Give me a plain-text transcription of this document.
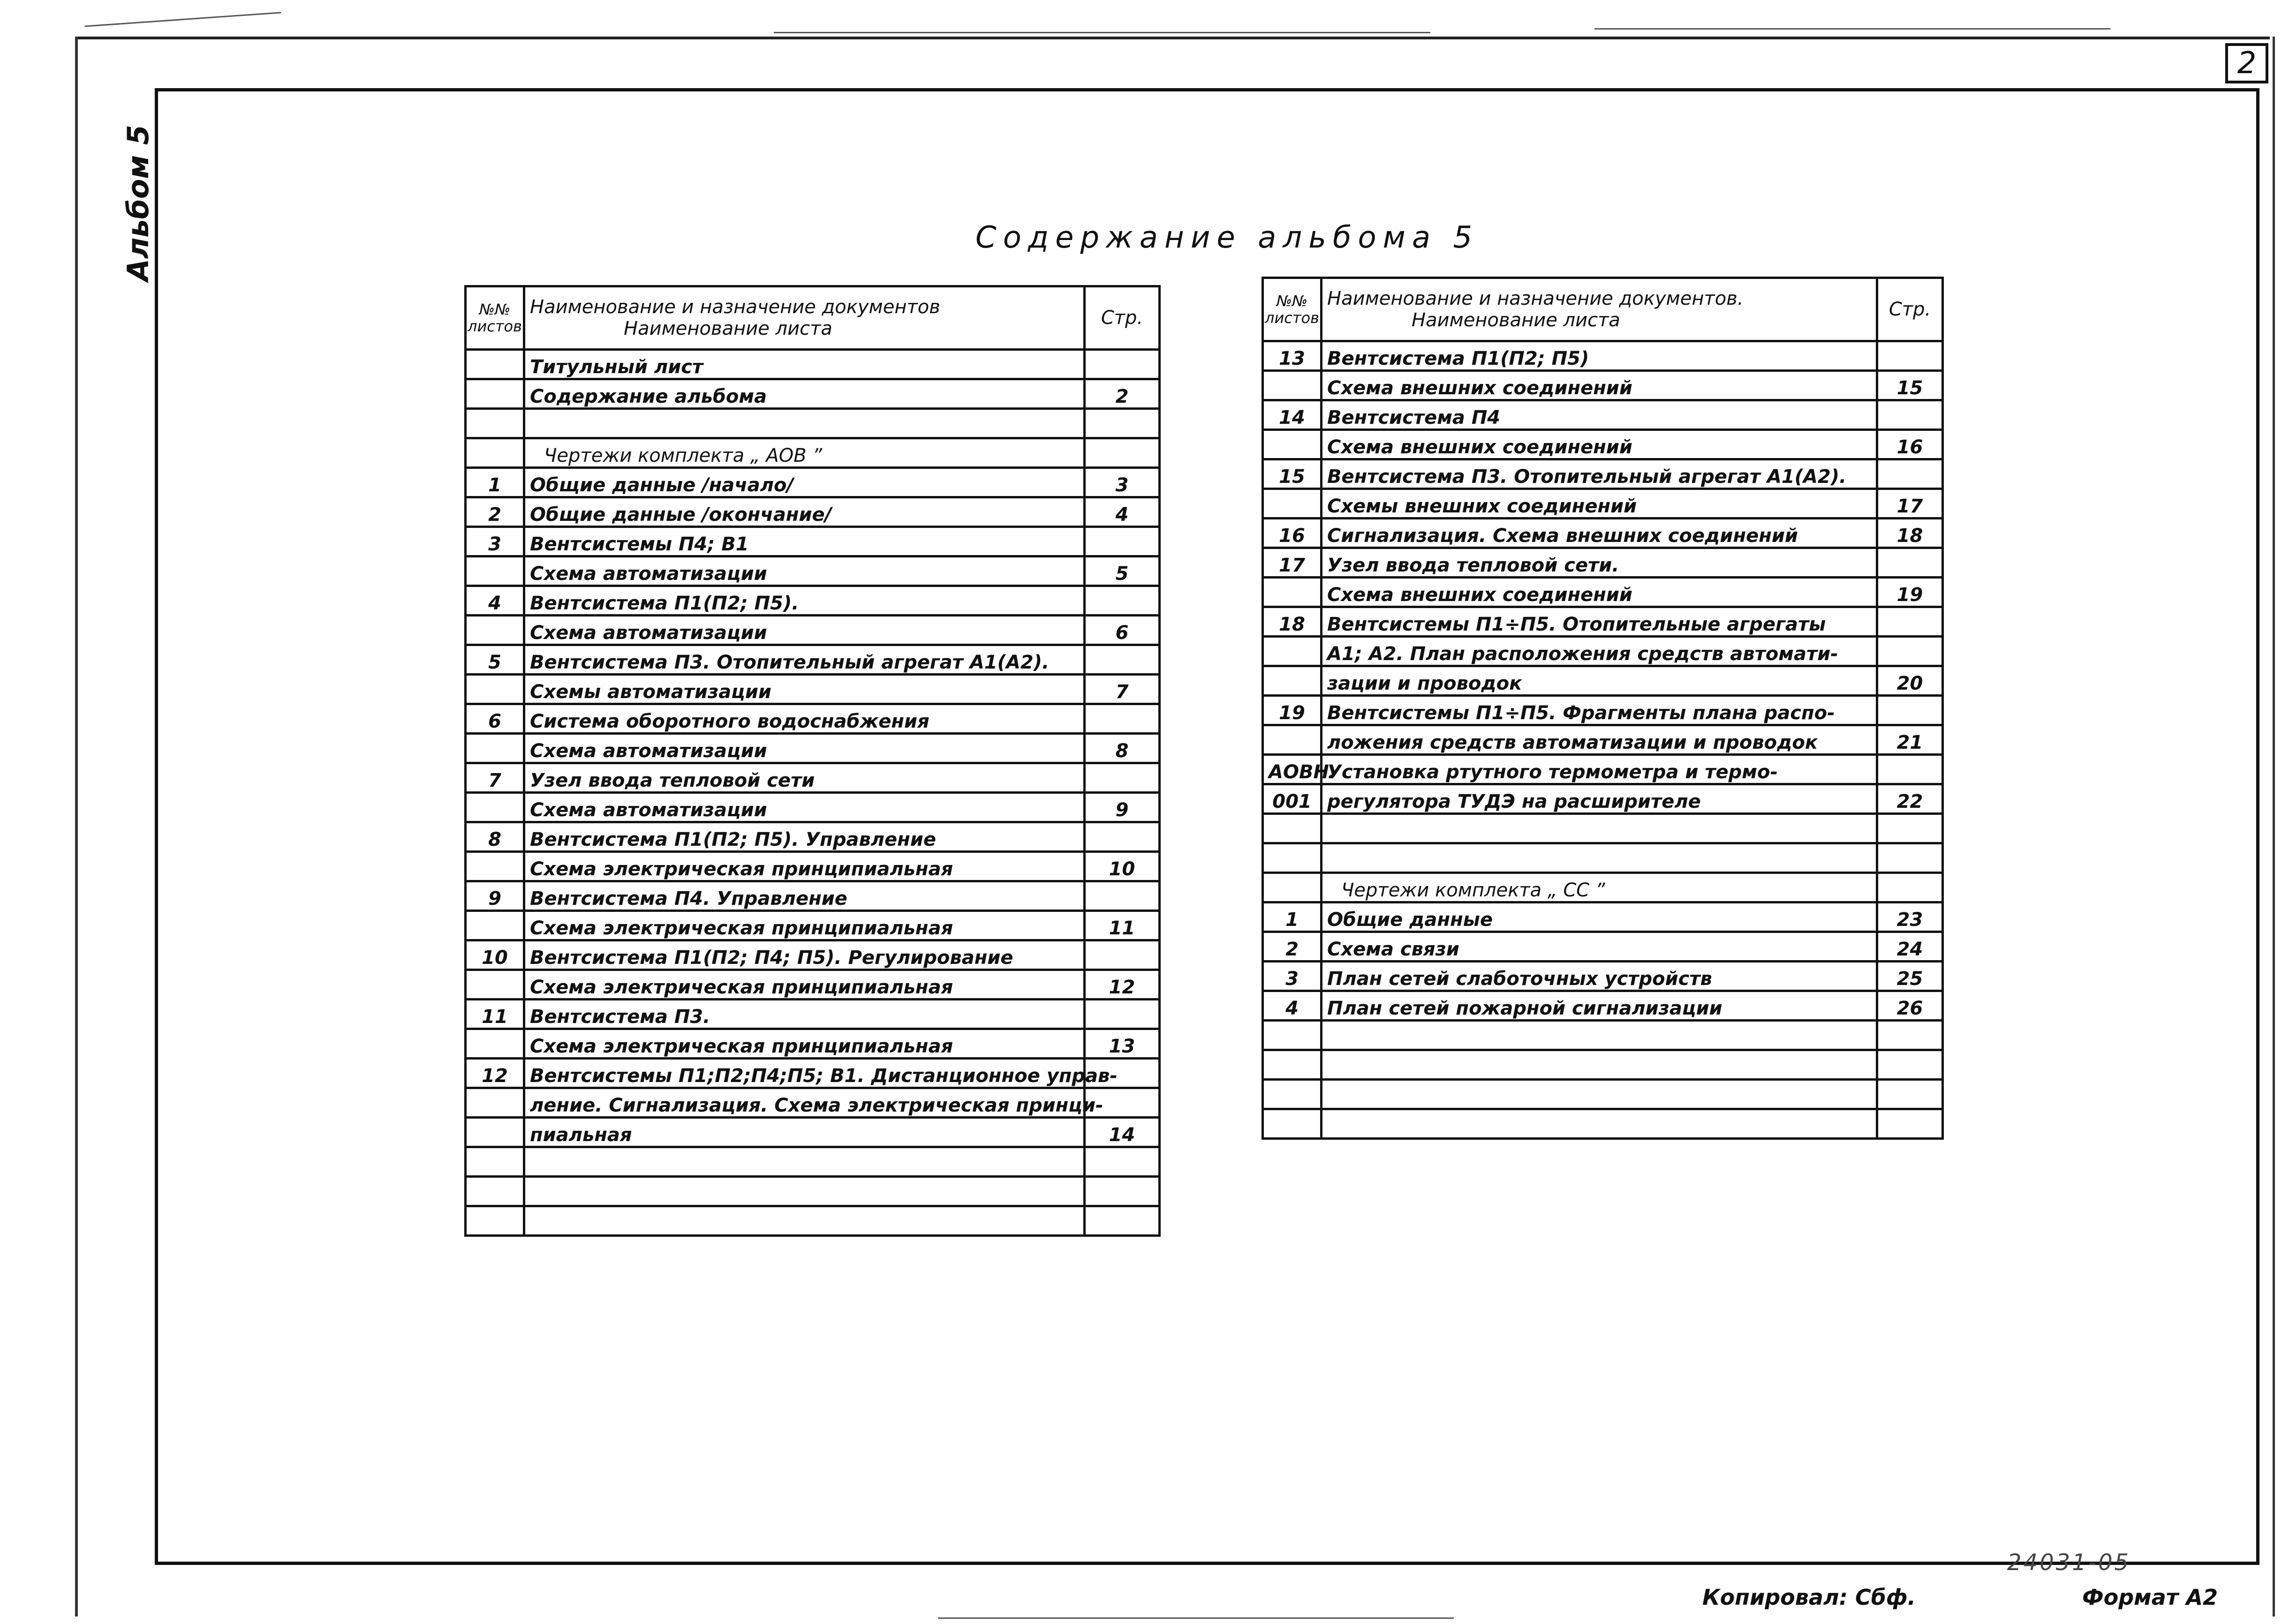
2
Альбом 5	Содержание альбома 5
№№ листов	Наименование и назначение документов
Наименование листа	Стр.
	Титульный лист	
	Содержание альбома	2

	Чертежи комплекта „ АОВ ”	
1	Общие данные /начало/	3
2	Общие данные /окончание/	4
3	Вентсистемы П4; В1	
	Схема автоматизации	5
4	Вентсистема П1(П2; П5).	
	Схема автоматизации	6
5	Вентсистема П3. Отопительный агрегат А1(А2).	
	Схемы автоматизации	7
6	Система оборотного водоснабжения	
	Схема автоматизации	8
7	Узел ввода тепловой сети	
	Схема автоматизации	9
8	Вентсистема П1(П2; П5). Управление	
	Схема электрическая принципиальная	10
9	Вентсистема П4. Управление	
	Схема электрическая принципиальная	11
10	Вентсистема П1(П2; П4; П5). Регулирование	
	Схема электрическая принципиальная	12
11	Вентсистема П3.	
	Схема электрическая принципиальная	13
12	Вентсистемы П1;П2;П4;П5; В1. Дистанционное управ-	
	ление. Сигнализация. Схема электрическая принци-	
	пиальная	14

№№ листов	Наименование и назначение документов.
Наименование листа	Стр.
13	Вентсистема П1(П2; П5)	
	Схема внешних соединений	15
14	Вентсистема П4	
	Схема внешних соединений	16
15	Вентсистема П3. Отопительный агрегат А1(А2).	
	Схемы внешних соединений	17
16	Сигнализация. Схема внешних соединений	18
17	Узел ввода тепловой сети.	
	Схема внешних соединений	19
18	Вентсистемы П1÷П5. Отопительные агрегаты	
	А1; А2. План расположения средств автомати-	
	зации и проводок	20
19	Вентсистемы П1÷П5. Фрагменты плана распо-	
	ложения средств автоматизации и проводок	21
АОВН.	Установка ртутного термометра и термо-	
001	регулятора ТУДЭ на расширителе	22

	Чертежи комплекта „ СС ”	
1	Общие данные	23
2	Схема связи	24
3	План сетей слаботочных устройств	25
4	План сетей пожарной сигнализации	26

24031-05
Копировал: Сбф.	Формат А2
